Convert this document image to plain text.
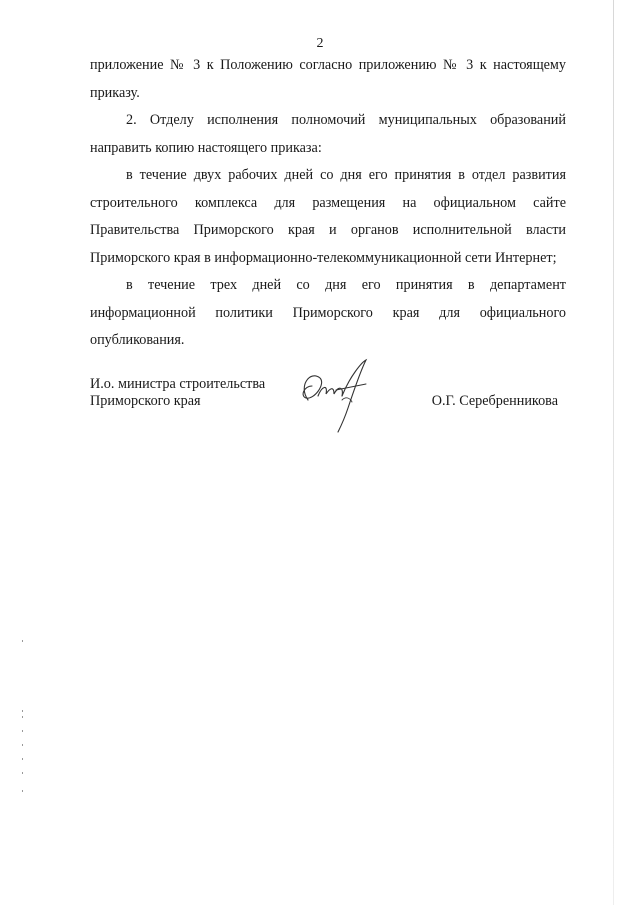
2

приложение № 3 к Положению согласно приложению № 3 к настоящему приказу.

2. Отделу исполнения полномочий муниципальных образований направить копию настоящего приказа:

в течение двух рабочих дней со дня его принятия в отдел развития строительного комплекса для размещения на официальном сайте Правительства Приморского края и органов исполнительной власти Приморского края в информационно-телекоммуникационной сети Интернет;

в течение трех дней со дня его принятия в департамент информационной политики Приморского края для официального опубликования.

И.о. министра строительства
Приморского края	О.Г. Серебренникова
